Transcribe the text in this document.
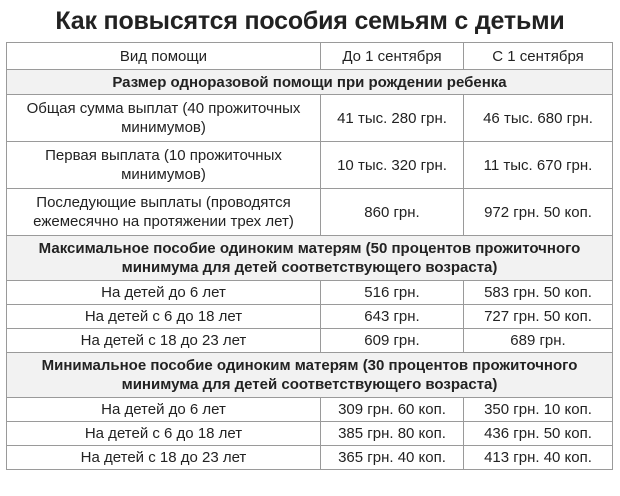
Как повысятся пособия семьям с детьми
Вид помощи	До 1 сентября	С 1 сентября
Размер одноразовой помощи при рождении ребенка		
Общая сумма выплат (40 прожиточных минимумов)	41 тыс. 280 грн.	46 тыс. 680 грн.
Первая выплата (10 прожиточных минимумов)	10 тыс. 320 грн.	11 тыс. 670 грн.
Последующие выплаты (проводятся ежемесячно на протяжении трех лет)	860 грн.	972 грн. 50 коп.
Максимальное пособие одиноким матерям (50 процентов прожиточного минимума для детей соответствующего возраста)		
На детей до 6 лет	516 грн.	583 грн. 50 коп.
На детей с 6 до 18 лет	643 грн.	727 грн. 50 коп.
На детей с 18 до 23 лет	609 грн.	689 грн.
Минимальное пособие одиноким матерям (30 процентов прожиточного минимума для детей соответствующего возраста)		
На детей до 6 лет	309 грн. 60 коп.	350 грн. 10 коп.
На детей с 6 до 18 лет	385 грн. 80 коп.	436 грн. 50 коп.
На детей с 18 до 23 лет	365 грн. 40 коп.	413 грн. 40 коп.
